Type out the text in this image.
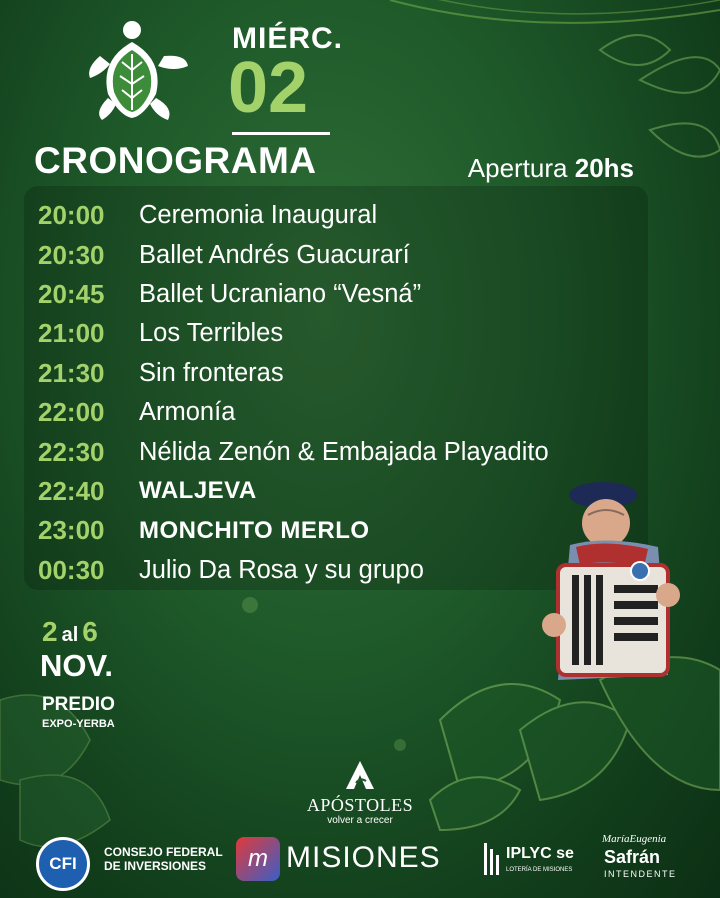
MIÉRC.
02
CRONOGRAMA	Apertura 20hs
20:00	Ceremonia Inaugural
20:30	Ballet Andrés Guacurarí
20:45	Ballet Ucraniano “Vesná”
21:00	Los Terribles
21:30	Sin fronteras
22:00	Armonía
22:30	Nélida Zenón & Embajada Playadito
22:40	WALJEVA
23:00	MONCHITO MERLO
00:30	Julio Da Rosa y su grupo
2 al 6
NOV.
PREDIO
EXPO-YERBA
APÓSTOLES
volver a crecer
CFI
CONSEJO FEDERAL
DE INVERSIONES	m MISIONES	IPLYC se
LOTERÍA DE MISIONES
MaríaEugenia
Safrán
INTENDENTE
